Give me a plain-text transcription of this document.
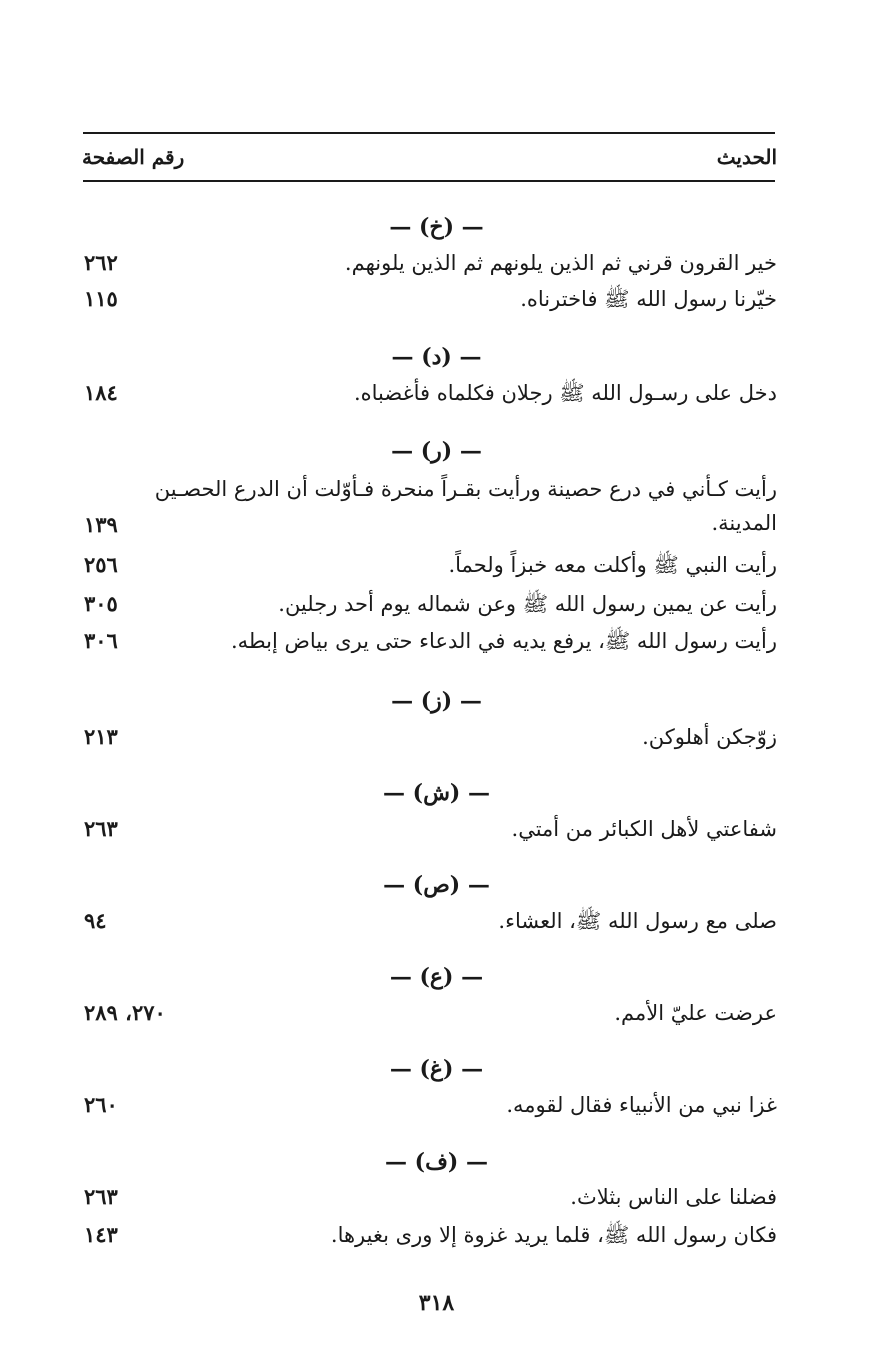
الحديث
رقم الصفحة
— (خ) —
خير القرون قرني ثم الذين يلونهم ثم الذين يلونهم.
٢٦٢
خيّرنا رسول الله ﷺ فاخترناه.
١١٥
— (د) —
دخل على رسـول الله ﷺ رجلان فكلماه فأغضباه.
١٨٤
— (ر) —
رأيت كـأني في درع حصينة ورأيت بقـراً منحرة فـأوّلت أن الدرع الحصـين المدينة.
١٣٩
رأيت النبي ﷺ وأكلت معه خبزاً ولحماً.
٢٥٦
رأيت عن يمين رسول الله ﷺ وعن شماله يوم أحد رجلين.
٣٠٥
رأيت رسول الله ﷺ، يرفع يديه في الدعاء حتى يرى بياض إبطه.
٣٠٦
— (ز) —
زوّجكن أهلوكن.
٢١٣
— (ش) —
شفاعتي لأهل الكبائر من أمتي.
٢٦٣
— (ص) —
صلى مع رسول الله ﷺ، العشاء.
٩٤
— (ع) —
عرضت عليّ الأمم.
٢٧٠، ٢٨٩
— (غ) —
غزا نبي من الأنبياء فقال لقومه.
٢٦٠
— (ف) —
فضلنا على الناس بثلاث.
٢٦٣
فكان رسول الله ﷺ، قلما يريد غزوة إلا ورى بغيرها.
١٤٣
٣١٨
